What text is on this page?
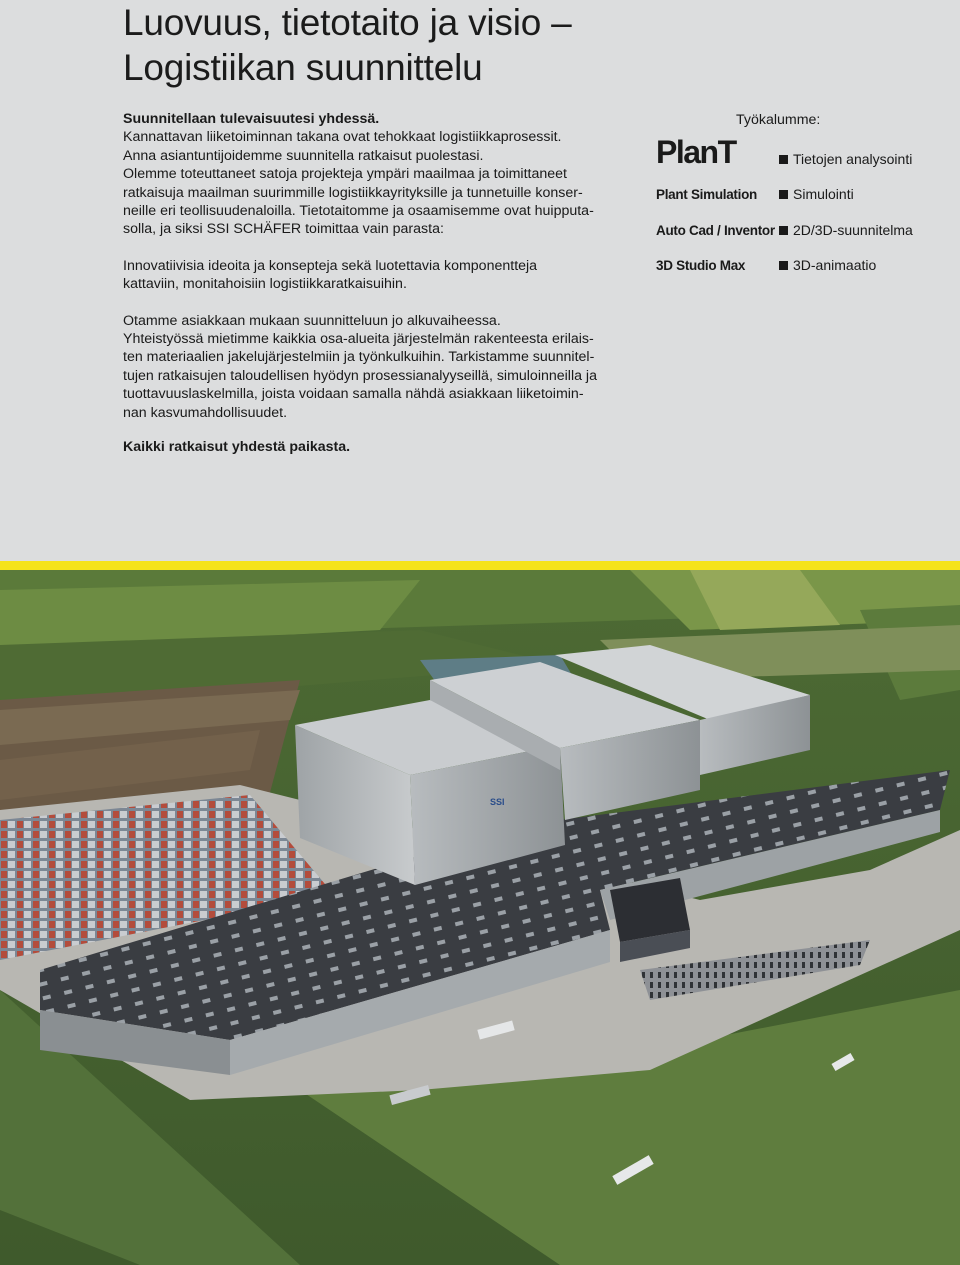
Luovuus, tietotaito ja visio –
Logistiikan suunnittelu

Suunnitellaan tulevaisuutesi yhdessä.
Kannattavan liiketoiminnan takana ovat tehokkaat logistiikkaprosessit.
Anna asiantuntijoidemme suunnitella ratkaisut puolestasi.
Olemme toteuttaneet satoja projekteja ympäri maailmaa ja toimittaneet
ratkaisuja maailman suurimmille logistiikkayrityksille ja tunnetuille konser-
neille eri teollisuudenaloilla. Tietotaitomme ja osaamisemme ovat huipputa-
solla, ja siksi SSI SCHÄFER toimittaa vain parasta:

Innovatiivisia ideoita ja konsepteja sekä luotettavia komponentteja
kattaviin, monitahoisiin logistiikkaratkaisuihin.

Otamme asiakkaan mukaan suunnitteluun jo alkuvaiheessa.
Yhteistyössä mietimme kaikkia osa-alueita järjestelmän rakenteesta erilais-
ten materiaalien jakelujärjestelmiin ja työnkulkuihin. Tarkistamme suunnitel-
tujen ratkaisujen taloudellisen hyödyn prosessianalyyseillä, simuloinneilla ja
tuottavuuslaskelmilla, joista voidaan samalla nähdä asiakkaan liiketoimin-
nan kasvumahdollisuudet.

Kaikki ratkaisut yhdestä paikasta.

Työkalumme:
PlanT	Tietojen analysointi
Plant Simulation	Simulointi
Auto Cad / Inventor	2D/3D-suunnitelma
3D Studio Max	3D-animaatio
SSI
